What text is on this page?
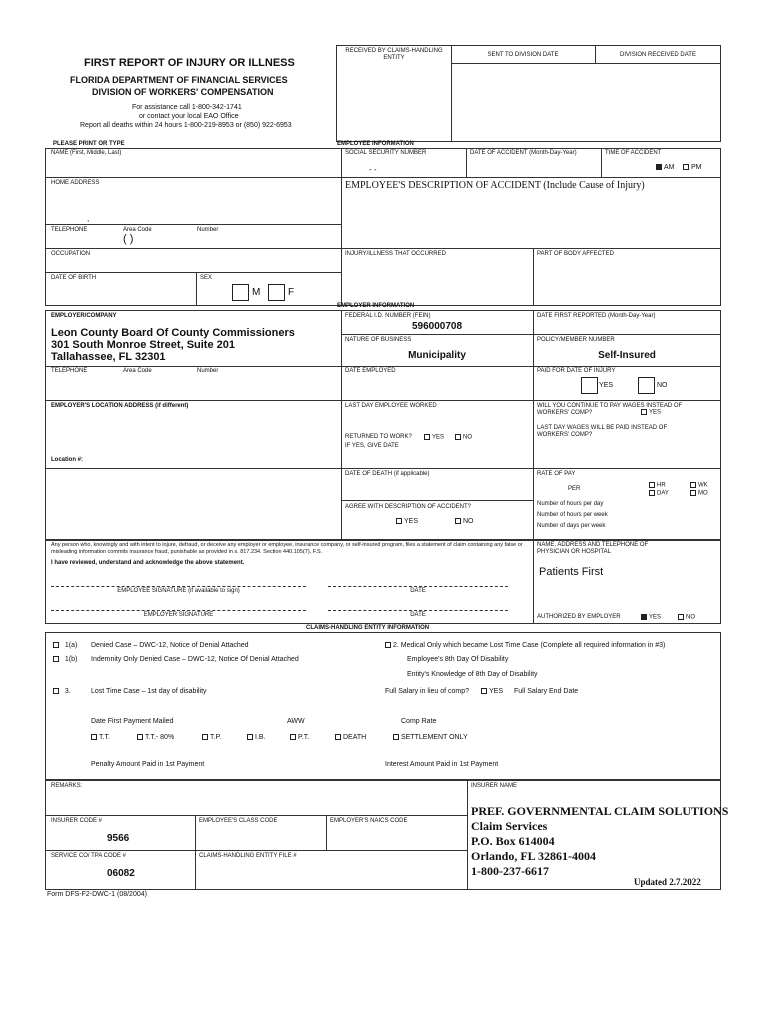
FIRST REPORT OF INJURY OR ILLNESS
FLORIDA DEPARTMENT OF FINANCIAL SERVICES
DIVISION OF WORKERS' COMPENSATION
For assistance call 1-800-342-1741
or contact your local EAO Office
Report all deaths within 24 hours 1-800-219-8953 or (850) 922-6953
RECEIVED BY CLAIMS-HANDLING ENTITY	SENT TO DIVISION DATE	DIVISION RECEIVED DATE
PLEASE PRINT OR TYPE	EMPLOYEE INFORMATION
NAME (First, Middle, Last)	SOCIAL SECURITY NUMBER
- -
DATE OF ACCIDENT (Month-Day-Year)	TIME OF ACCIDENT
AM	PM
HOME ADDRESS
,
EMPLOYEE'S DESCRIPTION OF ACCIDENT (Include Cause of Injury)
TELEPHONE	Area Code	Number
( )
OCCUPATION	INJURY/ILLNESS THAT OCCURRED	PART OF BODY AFFECTED
DATE OF BIRTH	SEX
M	F
EMPLOYER INFORMATION
EMPLOYER/COMPANY
Leon County Board Of County Commissioners
301 South Monroe Street, Suite 201
Tallahassee, FL 32301
FEDERAL I.D. NUMBER (FEIN)
596000708
DATE FIRST REPORTED (Month-Day-Year)
NATURE OF BUSINESS
Municipality
POLICY/MEMBER NUMBER
Self-Insured
TELEPHONE	Area Code	Number	DATE EMPLOYED	PAID FOR DATE OF INJURY
YES	NO
EMPLOYER'S LOCATION ADDRESS (if different)	LAST DAY EMPLOYEE WORKED	WILL YOU CONTINUE TO PAY WAGES INSTEAD OF WORKERS' COMP?	YES
LAST DAY WAGES WILL BE PAID INSTEAD OF WORKERS' COMP?
RETURNED TO WORK?	YES	NO
IF YES, GIVE DATE
Location #:
DATE OF DEATH (if applicable)	RATE OF PAY
PER
HR
DAY
WK
MO
Number of hours per day
Number of hours per week
Number of days per week
AGREE WITH DESCRIPTION OF ACCIDENT?
YES	NO
Any person who, knowingly and with intent to injure, defraud, or deceive any employer or employee, insurance company, or self-insured program, files a statement of claim containing any false or misleading information commits insurance fraud, punishable as provided in s. 817.234. Section 440.105(7), F.S.
I have reviewed, understand and acknowledge the above statement.
EMPLOYEE SIGNATURE (if available to sign)	DATE
EMPLOYER SIGNATURE	DATE
NAME, ADDRESS AND TELEPHONE OF PHYSICIAN OR HOSPITAL
Patients First
AUTHORIZED BY EMPLOYER	YES	NO
CLAIMS-HANDLING ENTITY INFORMATION
1(a) Denied Case – DWC-12, Notice of Denial Attached
1(b) Indemnity Only Denied Case – DWC-12, Notice Of Denial Attached
2. Medical Only which became Lost Time Case (Complete all required information in #3)
Employee's 8th Day Of Disability
Entity's Knowledge of 8th Day of Disability
3.	Lost Time Case – 1st day of disability	Full Salary in lieu of comp?	YES Full Salary End Date
Date First Payment Mailed	AWW	Comp Rate
T.T.	T.T.- 80%	T.P.	I.B.	P.T.	DEATH	SETTLEMENT ONLY
Penalty Amount Paid in 1st Payment	Interest Amount Paid in 1st Payment
REMARKS:	INSURER NAME
INSURER CODE #
9566
EMPLOYEE'S CLASS CODE	EMPLOYER'S NAICS CODE
SERVICE CO/ TPA CODE #
06082
CLAIMS-HANDLING ENTITY FILE #
PREF. GOVERNMENTAL CLAIM SOLUTIONS
Claim Services
P.O. Box 614004
Orlando, FL 32861-4004
1-800-237-6617
Updated 2.7.2022
Form DFS-F2-DWC-1 (08/2004)
